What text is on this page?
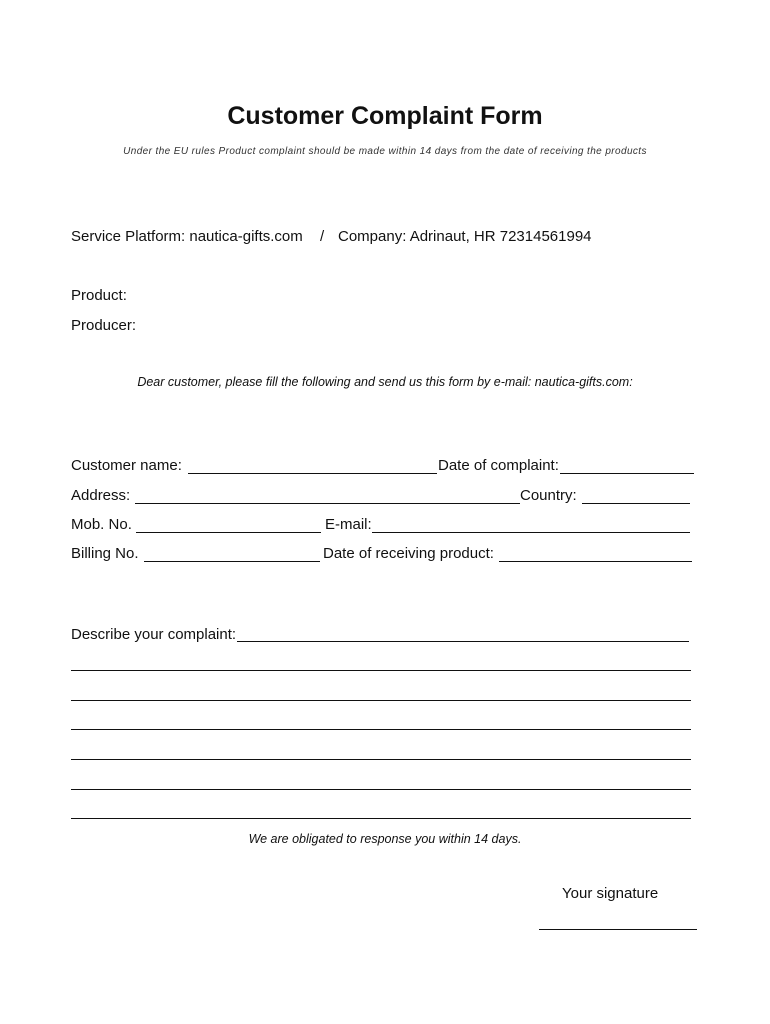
Customer Complaint Form
Under the EU rules Product complaint should be made within 14 days from the date of receiving the products
Service Platform: nautica-gifts.com / Company: Adrinaut, HR 72314561994
Product:
Producer:
Dear customer, please fill the following and send us this form by e-mail: nautica-gifts.com:
Customer name:	Date of complaint:
Address:	Country:
Mob. No.	E-mail:
Billing No.	Date of receiving product:
Describe your complaint:
We are obligated to response you within 14 days.
Your signature
